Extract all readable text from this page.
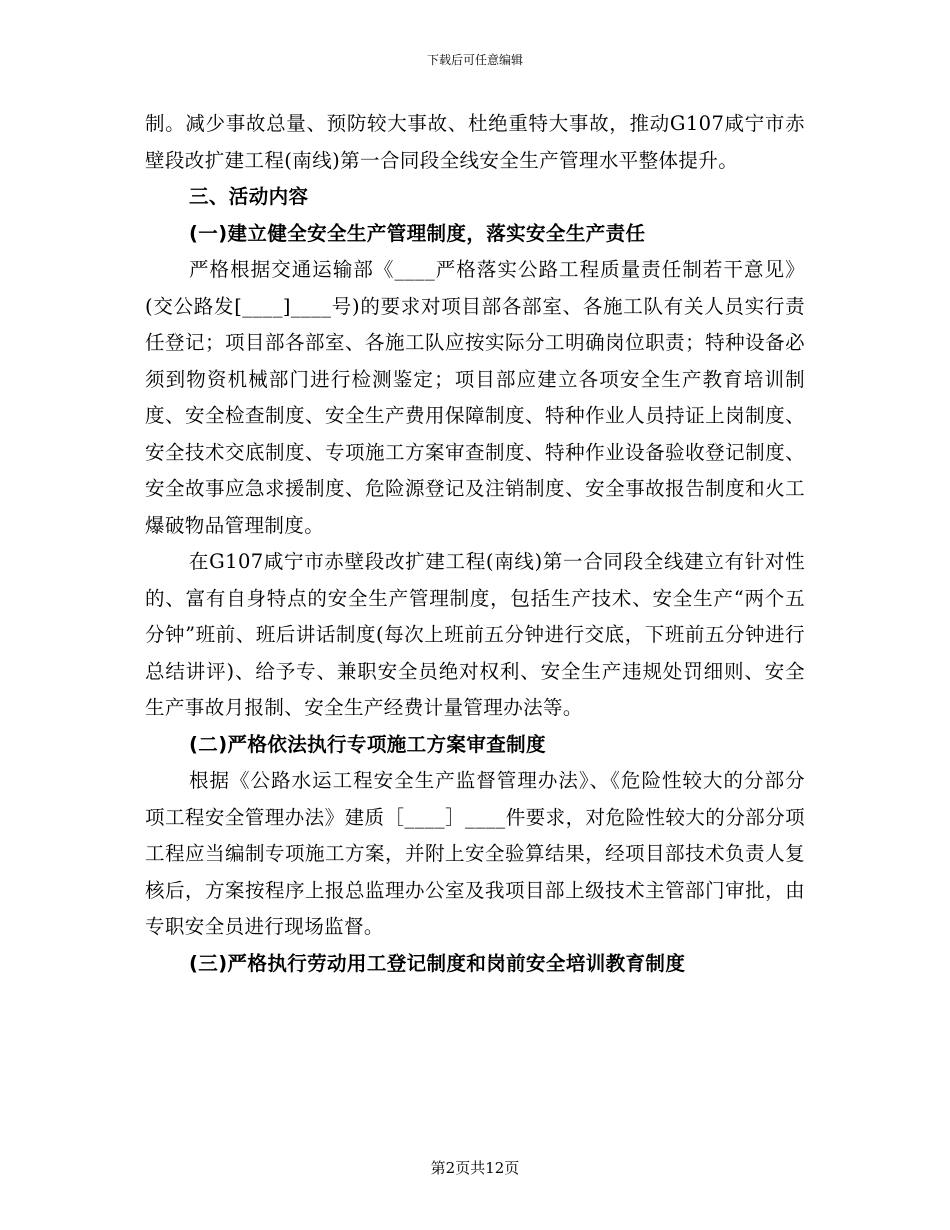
下载后可任意编辑

制。减少事故总量、预防较大事故、杜绝重特大事故，推动G107咸宁市赤壁段改扩建工程(南线)第一合同段全线安全生产管理水平整体提升。

三、活动内容

(一)建立健全安全生产管理制度，落实安全生产责任

严格根据交通运输部《____严格落实公路工程质量责任制若干意见》(交公路发[____]____号)的要求对项目部各部室、各施工队有关人员实行责任登记；项目部各部室、各施工队应按实际分工明确岗位职责；特种设备必须到物资机械部门进行检测鉴定；项目部应建立各项安全生产教育培训制度、安全检查制度、安全生产费用保障制度、特种作业人员持证上岗制度、安全技术交底制度、专项施工方案审查制度、特种作业设备验收登记制度、安全故事应急求援制度、危险源登记及注销制度、安全事故报告制度和火工爆破物品管理制度。

在G107咸宁市赤壁段改扩建工程(南线)第一合同段全线建立有针对性的、富有自身特点的安全生产管理制度，包括生产技术、安全生产“两个五分钟”班前、班后讲话制度(每次上班前五分钟进行交底，下班前五分钟进行总结讲评)、给予专、兼职安全员绝对权利、安全生产违规处罚细则、安全生产事故月报制、安全生产经费计量管理办法等。

(二)严格依法执行专项施工方案审查制度

根据《公路水运工程安全生产监督管理办法》、《危险性较大的分部分项工程安全管理办法》建质［____］____件要求，对危险性较大的分部分项工程应当编制专项施工方案，并附上安全验算结果，经项目部技术负责人复核后，方案按程序上报总监理办公室及我项目部上级技术主管部门审批，由专职安全员进行现场监督。

(三)严格执行劳动用工登记制度和岗前安全培训教育制度

第2页共12页
